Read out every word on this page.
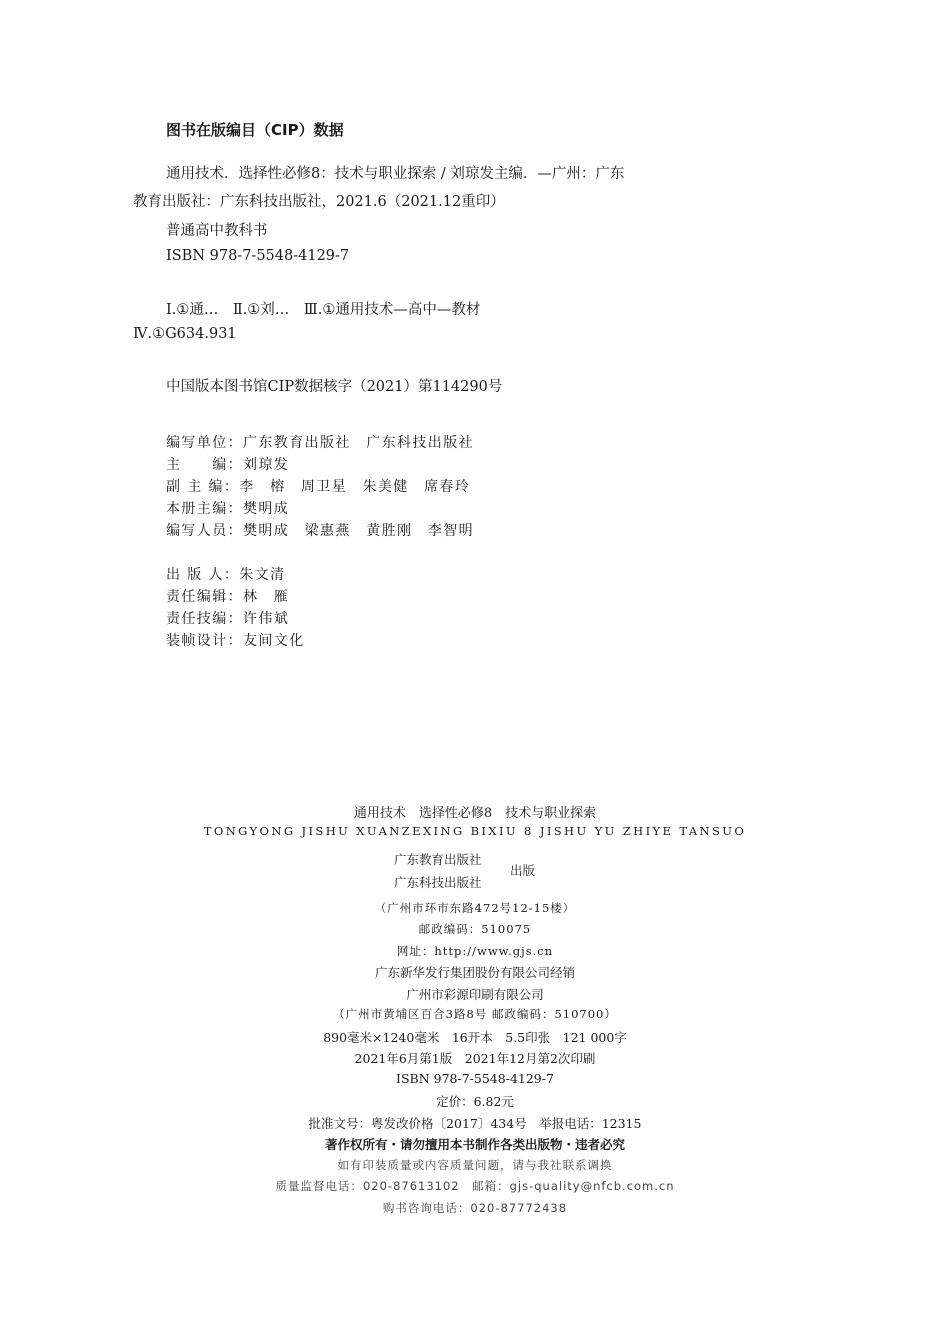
图书在版编目（CIP）数据
通用技术．选择性必修8：技术与职业探索 / 刘琼发主编．—广州：广东
教育出版社：广东科技出版社，2021.6（2021.12重印）
普通高中教科书
ISBN 978-7-5548-4129-7
Ⅰ.①通…　Ⅱ.①刘…　Ⅲ.①通用技术—高中—教材
Ⅳ.①G634.931
中国版本图书馆CIP数据核字（2021）第114290号
编写单位：广东教育出版社　广东科技出版社
主　　编：刘琼发
副 主 编：李　榕　周卫星　朱美健　席春玲
本册主编：樊明成
编写人员：樊明成　梁惠燕　黄胜刚　李智明
出 版 人：朱文清
责任编辑：林　雁
责任技编：许伟斌
装帧设计：友间文化
通用技术　选择性必修8　技术与职业探索
TONGYONG JISHU XUANZEXING BIXIU 8 JISHU YU ZHIYE TANSUO
广东教育出版社
广东科技出版社
出版
（广州市环市东路472号12-15楼）
邮政编码：510075
网址：http://www.gjs.cn
广东新华发行集团股份有限公司经销
广州市彩源印刷有限公司
（广州市黄埔区百合3路8号 邮政编码：510700）
890毫米×1240毫米　16开本　5.5印张　121 000字
2021年6月第1版　2021年12月第2次印刷
ISBN 978-7-5548-4129-7
定价：6.82元
批准文号：粤发改价格〔2017〕434号　举报电话：12315
著作权所有・请勿擅用本书制作各类出版物・违者必究
如有印装质量或内容质量问题，请与我社联系调换
质量监督电话：020-87613102　邮箱：gjs-quality@nfcb.com.cn
购书咨询电话：020-87772438
